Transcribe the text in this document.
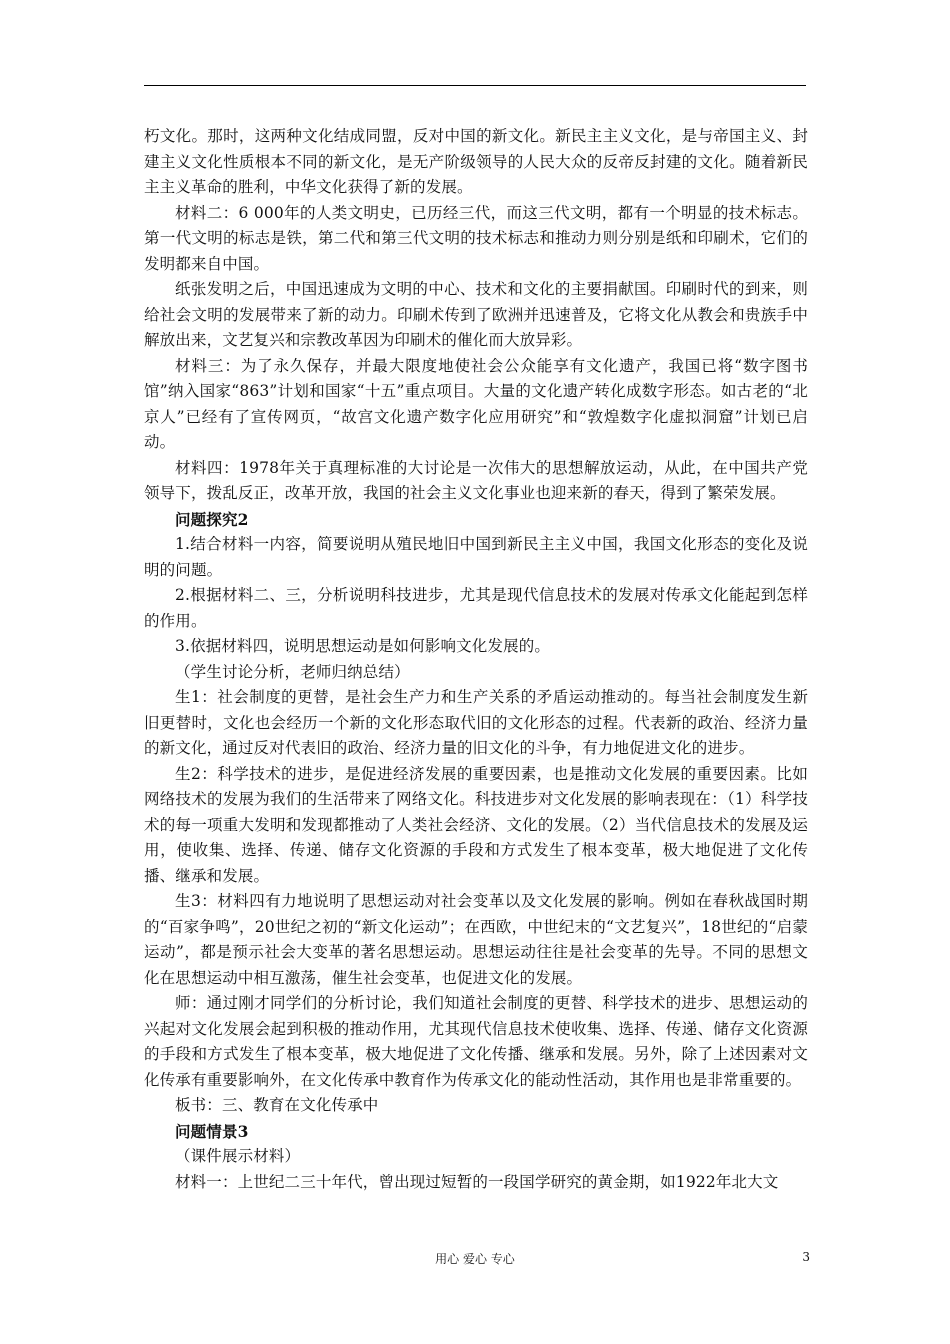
朽文化。那时，这两种文化结成同盟，反对中国的新文化。新民主主义文化，是与帝国主义、封建主义文化性质根本不同的新文化，是无产阶级领导的人民大众的反帝反封建的文化。随着新民主主义革命的胜利，中华文化获得了新的发展。

材料二：6 000年的人类文明史，已历经三代，而这三代文明，都有一个明显的技术标志。第一代文明的标志是铁，第二代和第三代文明的技术标志和推动力则分别是纸和印刷术，它们的发明都来自中国。

纸张发明之后，中国迅速成为文明的中心、技术和文化的主要捐献国。印刷时代的到来，则给社会文明的发展带来了新的动力。印刷术传到了欧洲并迅速普及，它将文化从教会和贵族手中解放出来，文艺复兴和宗教改革因为印刷术的催化而大放异彩。

材料三：为了永久保存，并最大限度地使社会公众能享有文化遗产，我国已将“数字图书馆”纳入国家“863”计划和国家“十五”重点项目。大量的文化遗产转化成数字形态。如古老的“北京人”已经有了宣传网页，“故宫文化遗产数字化应用研究”和“敦煌数字化虚拟洞窟”计划已启动。

材料四：1978年关于真理标准的大讨论是一次伟大的思想解放运动，从此，在中国共产党领导下，拨乱反正，改革开放，我国的社会主义文化事业也迎来新的春天，得到了繁荣发展。

问题探究2

1.结合材料一内容，简要说明从殖民地旧中国到新民主主义中国，我国文化形态的变化及说明的问题。

2.根据材料二、三，分析说明科技进步，尤其是现代信息技术的发展对传承文化能起到怎样的作用。

3.依据材料四，说明思想运动是如何影响文化发展的。

（学生讨论分析，老师归纳总结）

生1：社会制度的更替，是社会生产力和生产关系的矛盾运动推动的。每当社会制度发生新旧更替时，文化也会经历一个新的文化形态取代旧的文化形态的过程。代表新的政治、经济力量的新文化，通过反对代表旧的政治、经济力量的旧文化的斗争，有力地促进文化的进步。

生2：科学技术的进步，是促进经济发展的重要因素，也是推动文化发展的重要因素。比如网络技术的发展为我们的生活带来了网络文化。科技进步对文化发展的影响表现在：（1）科学技术的每一项重大发明和发现都推动了人类社会经济、文化的发展。（2）当代信息技术的发展及运用，使收集、选择、传递、储存文化资源的手段和方式发生了根本变革，极大地促进了文化传播、继承和发展。

生3：材料四有力地说明了思想运动对社会变革以及文化发展的影响。例如在春秋战国时期的“百家争鸣”，20世纪之初的“新文化运动”；在西欧，中世纪末的“文艺复兴”，18世纪的“启蒙运动”，都是预示社会大变革的著名思想运动。思想运动往往是社会变革的先导。不同的思想文化在思想运动中相互激荡，催生社会变革，也促进文化的发展。

师：通过刚才同学们的分析讨论，我们知道社会制度的更替、科学技术的进步、思想运动的兴起对文化发展会起到积极的推动作用，尤其现代信息技术使收集、选择、传递、储存文化资源的手段和方式发生了根本变革，极大地促进了文化传播、继承和发展。另外，除了上述因素对文化传承有重要影响外，在文化传承中教育作为传承文化的能动性活动，其作用也是非常重要的。

板书：三、教育在文化传承中

问题情景3

（课件展示材料）

材料一：上世纪二三十年代，曾出现过短暂的一段国学研究的黄金期，如1922年北大文

用心 爱心 专心	3
